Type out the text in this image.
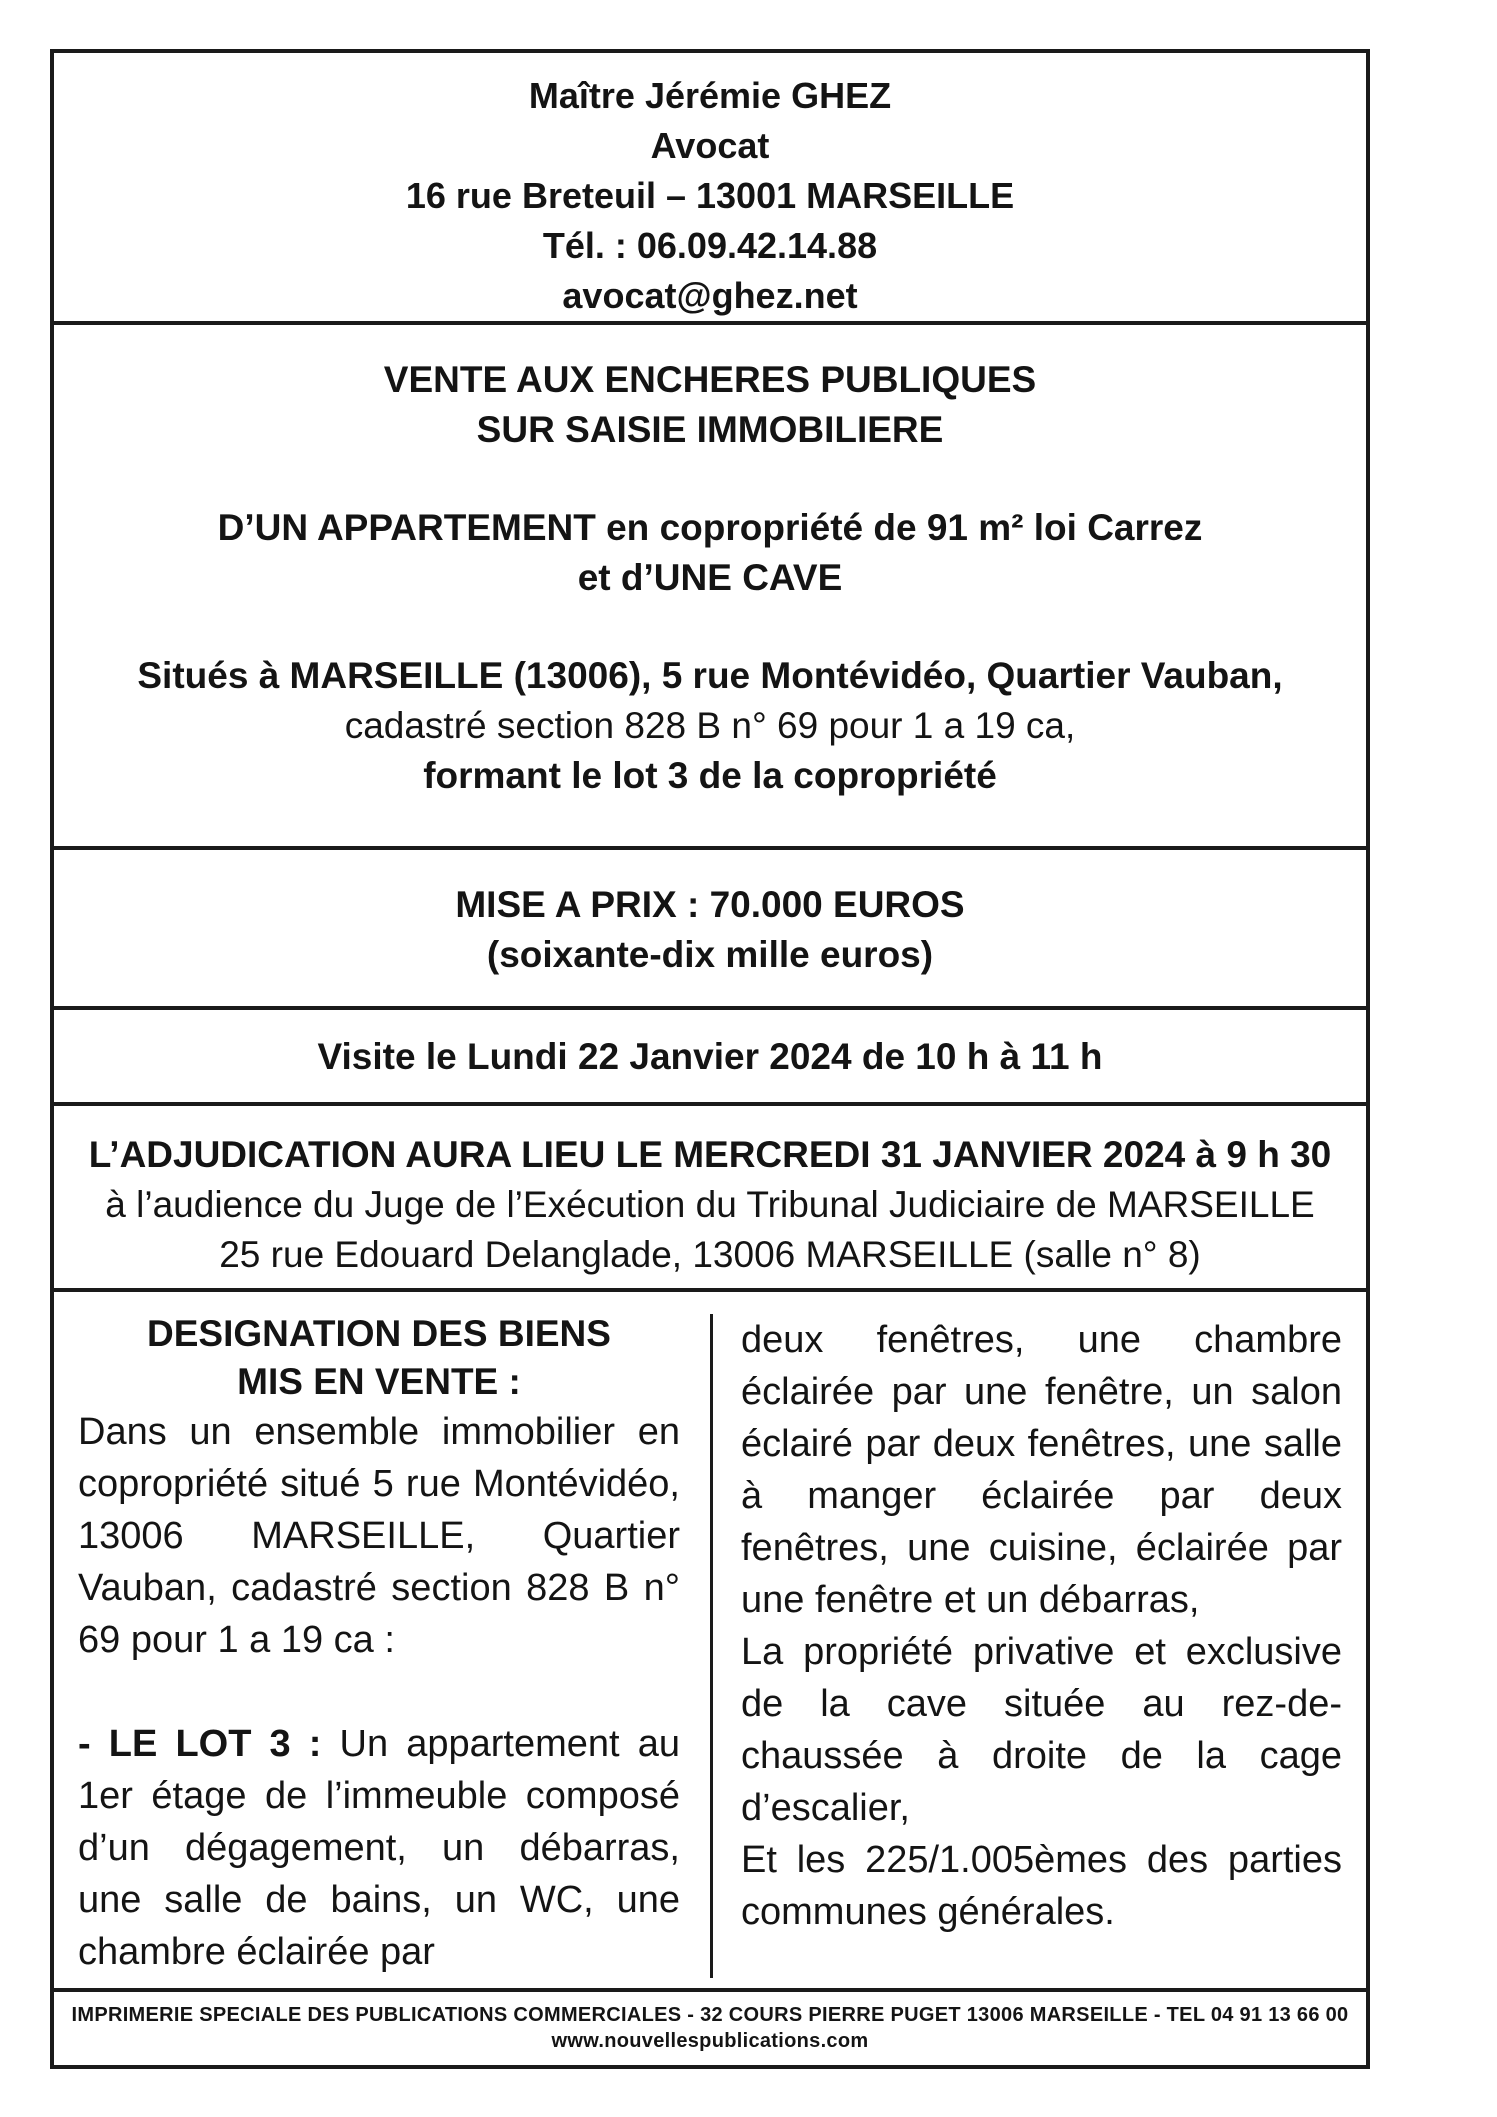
Maître Jérémie GHEZ
Avocat
16 rue Breteuil – 13001 MARSEILLE
Tél. : 06.09.42.14.88
avocat@ghez.net
VENTE AUX ENCHERES PUBLIQUES
SUR SAISIE IMMOBILIERE
D’UN APPARTEMENT en copropriété de 91 m² loi Carrez
et d’UNE CAVE
Situés à MARSEILLE (13006), 5 rue Montévidéo, Quartier Vauban,
cadastré section 828 B n° 69 pour 1 a 19 ca,
formant le lot 3 de la copropriété
MISE A PRIX : 70.000 EUROS
(soixante-dix mille euros)
Visite le Lundi 22 Janvier 2024 de 10 h à 11 h
L’ADJUDICATION AURA LIEU LE MERCREDI 31 JANVIER 2024 à 9 h 30
à l’audience du Juge de l’Exécution du Tribunal Judiciaire de MARSEILLE
25 rue Edouard Delanglade, 13006 MARSEILLE (salle n° 8)
DESIGNATION DES BIENS
MIS EN VENTE :

Dans un ensemble immobilier en copropriété situé 5 rue Montévidéo, 13006 MARSEILLE, Quartier Vauban, cadastré section 828 B n° 69 pour 1 a 19 ca :

- LE LOT 3 : Un appartement au 1er étage de l’immeuble composé d’un dégagement, un débarras, une salle de bains, un WC, une chambre éclairée par

deux fenêtres, une chambre éclairée par une fenêtre, un salon éclairé par deux fenêtres, une salle à manger éclairée par deux fenêtres, une cuisine, éclairée par une fenêtre et un débarras,

La propriété privative et exclusive de la cave située au rez-de-chaussée à droite de la cage d’escalier,

Et les 225/1.005èmes des parties communes générales.

IMPRIMERIE SPECIALE DES PUBLICATIONS COMMERCIALES - 32 COURS PIERRE PUGET 13006 MARSEILLE - TEL 04 91 13 66 00
www.nouvellespublications.com
